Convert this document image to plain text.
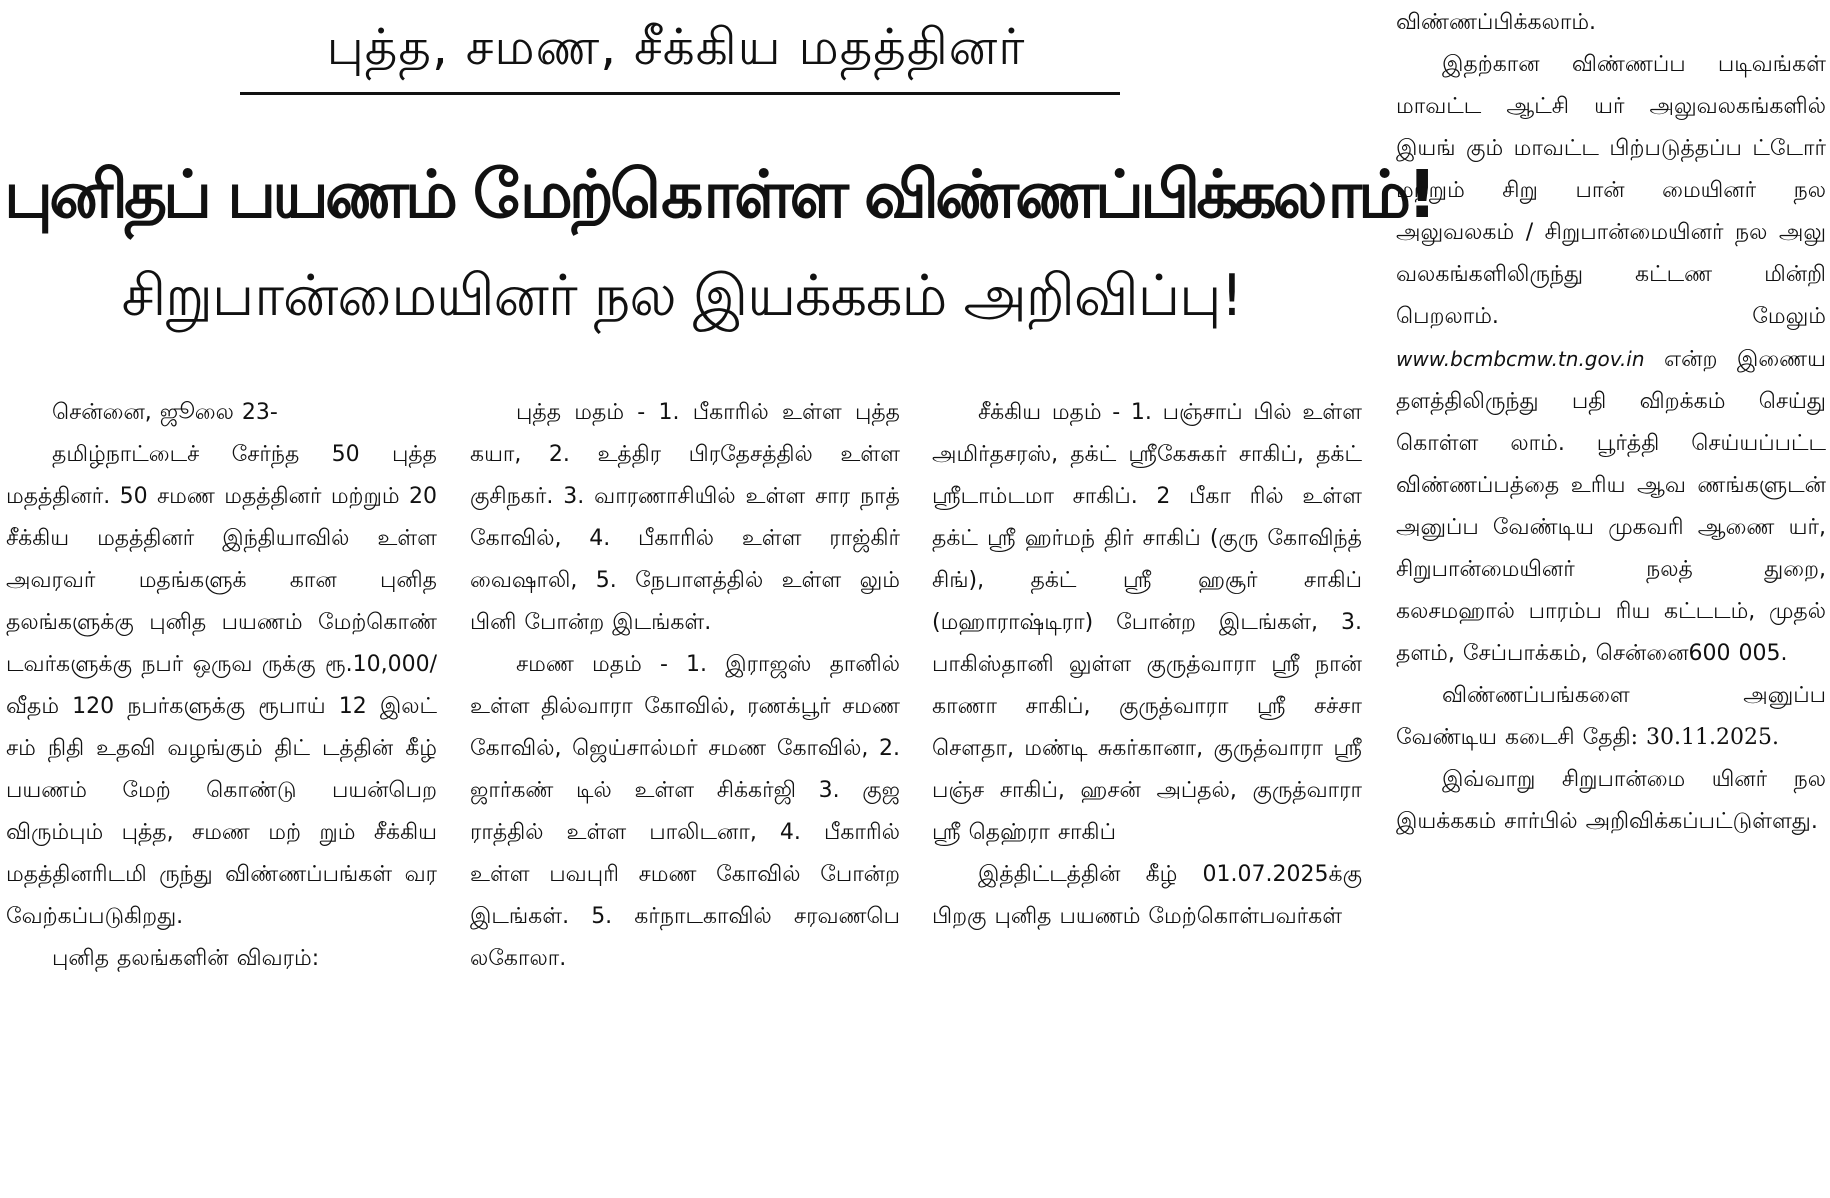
புத்த, சமண, சீக்கிய மதத்தினர்
புனிதப் பயணம் மேற்கொள்ள விண்ணப்பிக்கலாம்!
சிறுபான்மையினர் நல இயக்ககம் அறிவிப்பு!

சென்னை, ஜூலை 23-

தமிழ்நாட்டைச் சேர்ந்த 50 புத்த மதத்தினர். 50 சமண மதத்தினர் மற்றும் 20 சீக்கிய மதத்தினர் இந்தியாவில் உள்ள அவரவர் மதங்களுக் கான புனித தலங்களுக்கு புனித பயணம் மேற்கொண் டவர்களுக்கு நபர் ஒருவ ருக்கு ரூ.10,000/ வீதம் 120 நபர்களுக்கு ரூபாய் 12 இலட் சம் நிதி உதவி வழங்கும் திட் டத்தின் கீழ் பயணம் மேற் கொண்டு பயன்பெற விரும்பும் புத்த, சமண மற் றும் சீக்கிய மதத்தினரிடமி ருந்து விண்ணப்பங்கள் வர வேற்கப்படுகிறது.

புனித தலங்களின் விவரம்:

புத்த மதம் - 1. பீகாரில் உள்ள புத்த கயா, 2. உத்திர பிரதேசத்தில் உள்ள குசிநகர். 3. வாரணாசியில் உள்ள சார நாத் கோவில், 4. பீகாரில் உள்ள ராஜ்கிர் வைஷாலி, 5. நேபாளத்தில் உள்ள லும் பினி போன்ற இடங்கள்.

சமண மதம் - 1. இராஜஸ் தானில் உள்ள தில்வாரா கோவில், ரணக்பூர் சமண கோவில், ஜெய்சால்மர் சமண கோவில், 2. ஜார்கண் டில் உள்ள சிக்கர்ஜி 3. குஜ ராத்தில் உள்ள பாலிடனா, 4. பீகாரில் உள்ள பவபுரி சமண கோவில் போன்ற இடங்கள். 5. கர்நாடகாவில் சரவணபெ லகோலா.

சீக்கிய மதம் - 1. பஞ்சாப் பில் உள்ள அமிர்தசரஸ், தக்ட் ஸ்ரீகேசுகர் சாகிப், தக்ட் ஸ்ரீடாம்டமா சாகிப். 2 பீகா ரில் உள்ள தக்ட் ஸ்ரீ ஹர்மந் திர் சாகிப் (குரு கோவிந்த் சிங்), தக்ட் ஸ்ரீ ஹசூர் சாகிப் (மஹாராஷ்டிரா) போன்ற இடங்கள், 3. பாகிஸ்தானி லுள்ள குருத்வாரா ஸ்ரீ நான் காணா சாகிப், குருத்வாரா ஸ்ரீ சச்சா செளதா, மண்டி சுகர்கானா, குருத்வாரா ஸ்ரீ பஞ்ச சாகிப், ஹசன் அப்தல், குருத்வாரா ஸ்ரீ தெஹ்ரா சாகிப்

இத்திட்டத்தின் கீழ் 01.07.2025க்கு பிறகு புனித பயணம் மேற்கொள்பவர்கள்

விண்ணப்பிக்கலாம்.

இதற்கான விண்ணப்ப படிவங்கள் மாவட்ட ஆட்சி யர் அலுவலகங்களில் இயங் கும் மாவட்ட பிற்படுத்தப்ப ட்டோர் மற்றும் சிறு பான் மையினர் நல அலுவலகம் / சிறுபான்மையினர் நல அலு வலகங்களிலிருந்து கட்டண மின்றி பெறலாம். மேலும் www.bcmbcmw.tn.gov.in என்ற இணைய தளத்திலிருந்து பதி விறக்கம் செய்து கொள்ள லாம். பூர்த்தி செய்யப்பட்ட விண்ணப்பத்தை உரிய ஆவ ணங்களுடன் அனுப்ப வேண்டிய முகவரி ஆணை யர், சிறுபான்மையினர் நலத் துறை, கலசமஹால் பாரம்ப ரிய கட்டடம், முதல் தளம், சேப்பாக்கம், சென்னை600 005.

விண்ணப்பங்களை அனுப்ப வேண்டிய கடைசி தேதி: 30.11.2025.

இவ்வாறு சிறுபான்மை யினர் நல இயக்ககம் சார்பில் அறிவிக்கப்பட்டுள்ளது.
